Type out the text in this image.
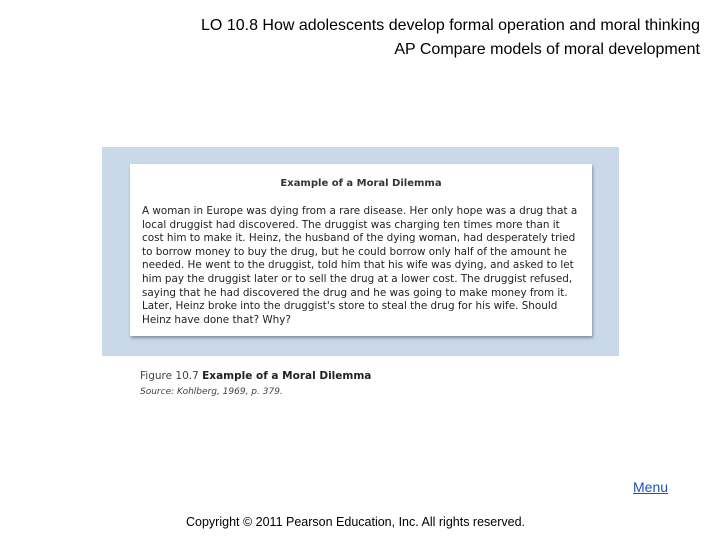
LO 10.8 How adolescents develop formal operation and moral thinking
AP Compare models of moral development
Example of a Moral Dilemma
A woman in Europe was dying from a rare disease. Her only hope was a drug that a local druggist had discovered. The druggist was charging ten times more than it cost him to make it. Heinz, the husband of the dying woman, had desperately tried to borrow money to buy the drug, but he could borrow only half of the amount he needed. He went to the druggist, told him that his wife was dying, and asked to let him pay the druggist later or to sell the drug at a lower cost. The druggist refused, saying that he had discovered the drug and he was going to make money from it. Later, Heinz broke into the druggist's store to steal the drug for his wife. Should Heinz have done that? Why?
Figure 10.7 Example of a Moral Dilemma Source: Kohlberg, 1969, p. 379.
Menu
Copyright © 2011 Pearson Education, Inc. All rights reserved.
